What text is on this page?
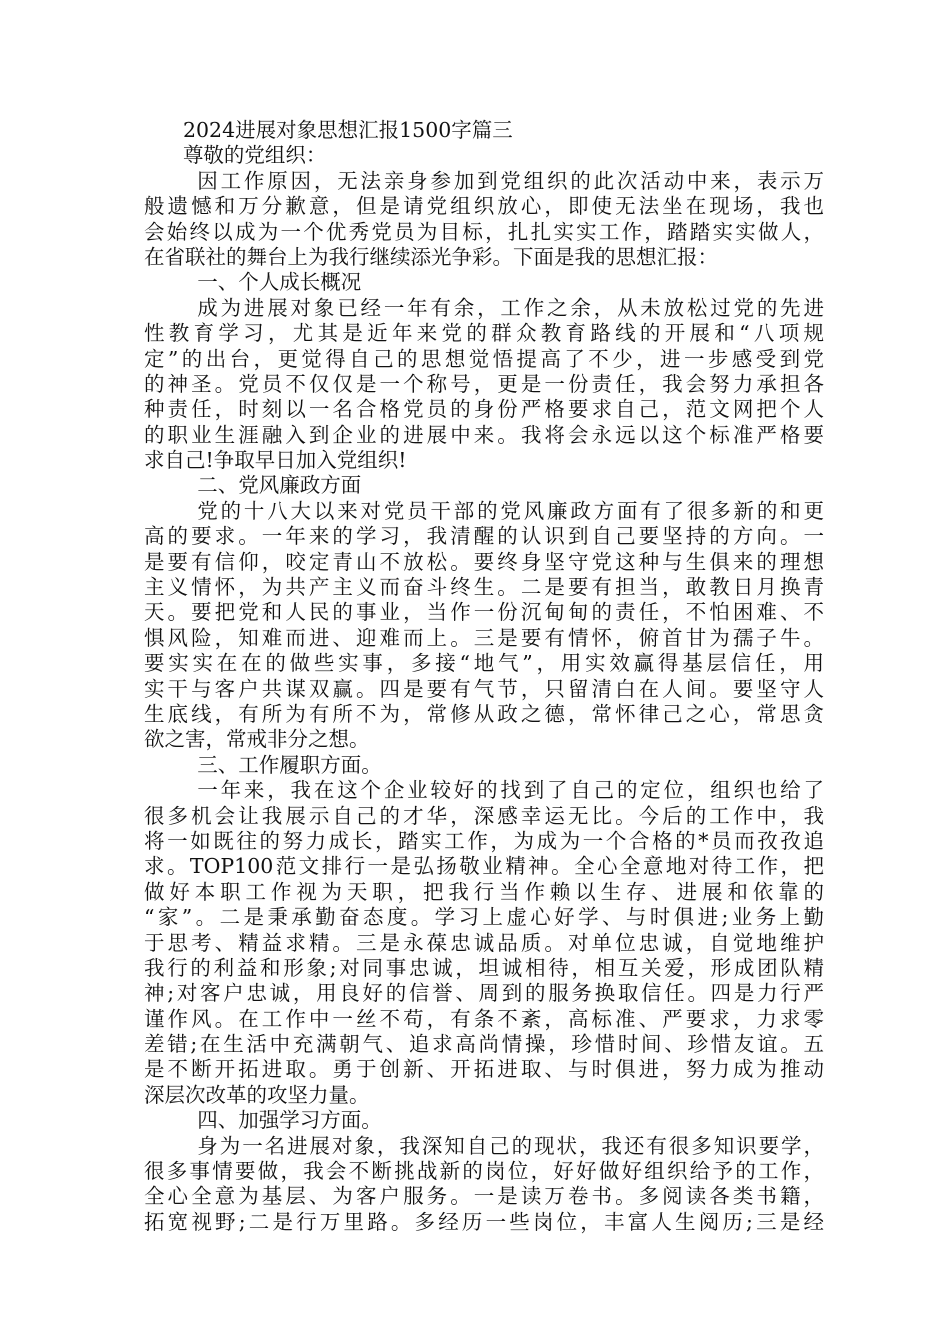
2024进展对象思想汇报1500字篇三
尊敬的党组织：
因工作原因，无法亲身参加到党组织的此次活动中来，表示万
般遗憾和万分歉意，但是请党组织放心，即使无法坐在现场，我也
会始终以成为一个优秀党员为目标，扎扎实实工作，踏踏实实做人，
在省联社的舞台上为我行继续添光争彩。下面是我的思想汇报：
一、个人成长概况
成为进展对象已经一年有余，工作之余，从未放松过党的先进
性教育学习，尤其是近年来党的群众教育路线的开展和“八项规
定”的出台，更觉得自己的思想觉悟提高了不少，进一步感受到党
的神圣。党员不仅仅是一个称号，更是一份责任，我会努力承担各
种责任，时刻以一名合格党员的身份严格要求自己，范文网把个人
的职业生涯融入到企业的进展中来。我将会永远以这个标准严格要
求自己!争取早日加入党组织!
二、党风廉政方面
党的十八大以来对党员干部的党风廉政方面有了很多新的和更
高的要求。一年来的学习，我清醒的认识到自己要坚持的方向。一
是要有信仰，咬定青山不放松。要终身坚守党这种与生俱来的理想
主义情怀，为共产主义而奋斗终生。二是要有担当，敢教日月换青
天。要把党和人民的事业，当作一份沉甸甸的责任，不怕困难、不
惧风险，知难而进、迎难而上。三是要有情怀，俯首甘为孺子牛。
要实实在在的做些实事，多接“地气”，用实效赢得基层信任，用
实干与客户共谋双赢。四是要有气节，只留清白在人间。要坚守人
生底线，有所为有所不为，常修从政之德，常怀律己之心，常思贪
欲之害，常戒非分之想。
三、工作履职方面。
一年来，我在这个企业较好的找到了自己的定位，组织也给了
很多机会让我展示自己的才华，深感幸运无比。今后的工作中，我
将一如既往的努力成长，踏实工作，为成为一个合格的*员而孜孜追
求。TOP100范文排行一是弘扬敬业精神。全心全意地对待工作，把
做好本职工作视为天职，把我行当作赖以生存、进展和依靠的
“家”。二是秉承勤奋态度。学习上虚心好学、与时俱进;业务上勤
于思考、精益求精。三是永葆忠诚品质。对单位忠诚，自觉地维护
我行的利益和形象;对同事忠诚，坦诚相待，相互关爱，形成团队精
神;对客户忠诚，用良好的信誉、周到的服务换取信任。四是力行严
谨作风。在工作中一丝不苟，有条不紊，高标准、严要求，力求零
差错;在生活中充满朝气、追求高尚情操，珍惜时间、珍惜友谊。五
是不断开拓进取。勇于创新、开拓进取、与时俱进，努力成为推动
深层次改革的攻坚力量。
四、加强学习方面。
身为一名进展对象，我深知自己的现状，我还有很多知识要学，
很多事情要做，我会不断挑战新的岗位，好好做好组织给予的工作，
全心全意为基层、为客户服务。一是读万卷书。多阅读各类书籍，
拓宽视野;二是行万里路。多经历一些岗位，丰富人生阅历;三是经
